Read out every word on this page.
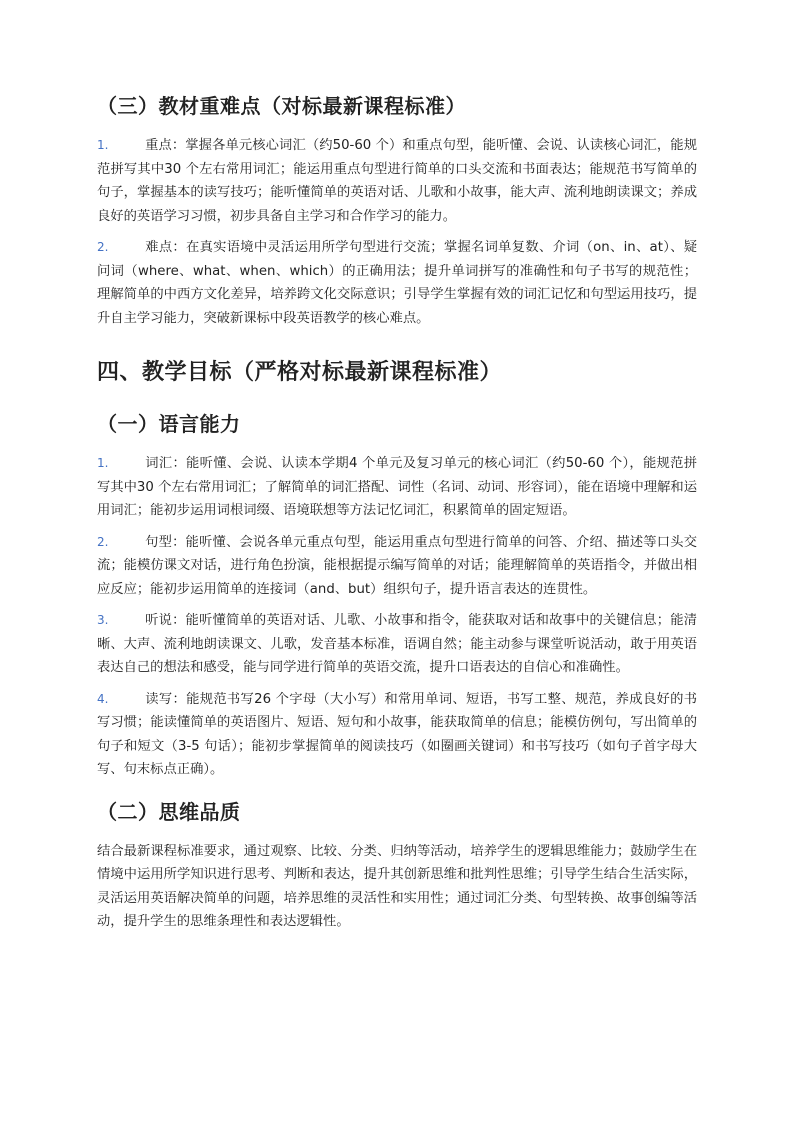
（三）教材重难点（对标最新课程标准）
1.	重点：掌握各单元核心词汇（约50-60 个）和重点句型，能听懂、会说、认读核心词汇，能规范拼写其中30 个左右常用词汇；能运用重点句型进行简单的口头交流和书面表达；能规范书写简单的句子，掌握基本的读写技巧；能听懂简单的英语对话、儿歌和小故事，能大声、流利地朗读课文；养成良好的英语学习习惯，初步具备自主学习和合作学习的能力。
2.	难点：在真实语境中灵活运用所学句型进行交流；掌握名词单复数、介词（on、in、at）、疑问词（where、what、when、which）的正确用法；提升单词拼写的准确性和句子书写的规范性；理解简单的中西方文化差异，培养跨文化交际意识；引导学生掌握有效的词汇记忆和句型运用技巧，提升自主学习能力，突破新课标中段英语教学的核心难点。
四、教学目标（严格对标最新课程标准）
（一）语言能力
1.	词汇：能听懂、会说、认读本学期4 个单元及复习单元的核心词汇（约50-60 个），能规范拼写其中30 个左右常用词汇；了解简单的词汇搭配、词性（名词、动词、形容词），能在语境中理解和运用词汇；能初步运用词根词缀、语境联想等方法记忆词汇，积累简单的固定短语。
2.	句型：能听懂、会说各单元重点句型，能运用重点句型进行简单的问答、介绍、描述等口头交流；能模仿课文对话，进行角色扮演，能根据提示编写简单的对话；能理解简单的英语指令，并做出相应反应；能初步运用简单的连接词（and、but）组织句子，提升语言表达的连贯性。
3.	听说：能听懂简单的英语对话、儿歌、小故事和指令，能获取对话和故事中的关键信息；能清晰、大声、流利地朗读课文、儿歌，发音基本标准，语调自然；能主动参与课堂听说活动，敢于用英语表达自己的想法和感受，能与同学进行简单的英语交流，提升口语表达的自信心和准确性。
4.	读写：能规范书写26 个字母（大小写）和常用单词、短语，书写工整、规范，养成良好的书写习惯；能读懂简单的英语图片、短语、短句和小故事，能获取简单的信息；能模仿例句，写出简单的句子和短文（3-5 句话）；能初步掌握简单的阅读技巧（如圈画关键词）和书写技巧（如句子首字母大写、句末标点正确）。
（二）思维品质

结合最新课程标准要求，通过观察、比较、分类、归纳等活动，培养学生的逻辑思维能力；鼓励学生在情境中运用所学知识进行思考、判断和表达，提升其创新思维和批判性思维；引导学生结合生活实际，灵活运用英语解决简单的问题，培养思维的灵活性和实用性；通过词汇分类、句型转换、故事创编等活动，提升学生的思维条理性和表达逻辑性。
